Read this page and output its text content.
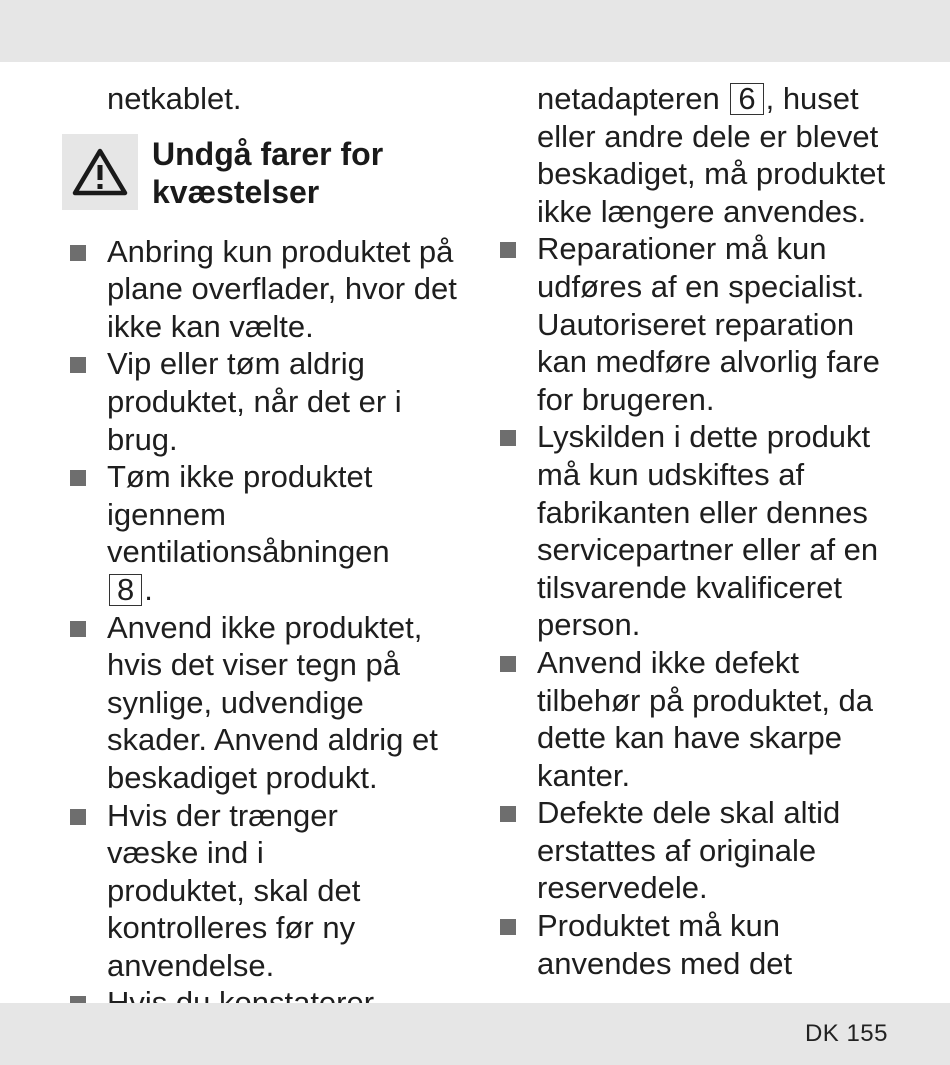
netkablet.

Undgå farer for
kvæstelser
Anbring kun produktet på plane overflader, hvor det ikke kan vælte.
Vip eller tøm aldrig produktet, når det er i brug.
Tøm ikke produktet igennem ventilationsåbningen 8 .
Anvend ikke produktet, hvis det viser tegn på synlige, udvendige skader. Anvend aldrig et beskadiget produkt.
Hvis der trænger væske ind i produktet, skal det kontrolleres før ny anvendelse.

netadapteren 6 , huset eller andre dele er blevet beskadiget, må produktet ikke længere anvendes.

Reparationer må kun udføres af en specialist. Uautoriseret reparation kan medføre alvorlig fare for brugeren.
Lyskilden i dette produkt må kun udskiftes af fabrikanten eller dennes servicepartner eller af en tilsvarende kvalificeret person.
Anvend ikke defekt tilbehør på produktet, da dette kan have skarpe kanter.
Defekte dele skal altid erstattes af originale reservedele.
Produktet må kun anvendes med det
DK 155
